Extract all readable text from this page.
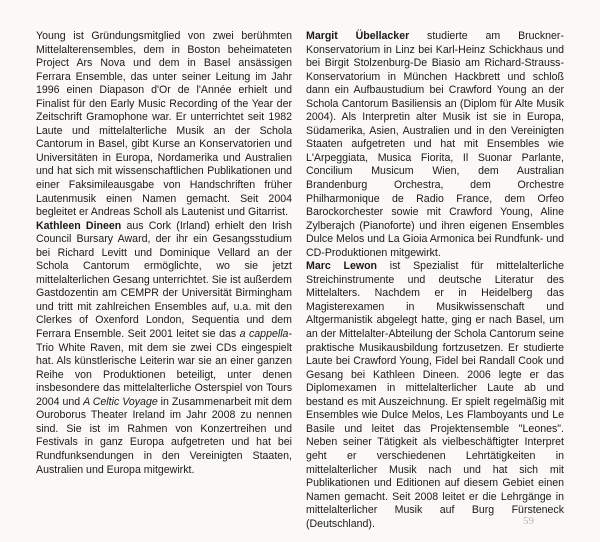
Young ist Gründungsmitglied von zwei berühmten Mittelalterensembles, dem in Boston beheimateten Project Ars Nova und dem in Basel ansässigen Ferrara Ensemble, das unter seiner Leitung im Jahr 1996 einen Diapason d'Or de l'Année erhielt und Finalist für den Early Music Recording of the Year der Zeitschrift Gramophone war. Er unterrichtet seit 1982 Laute und mittelalterliche Musik an der Schola Cantorum in Basel, gibt Kurse an Konservatorien und Universitäten in Europa, Nordamerika und Australien und hat sich mit wissenschaftlichen Publikationen und einer Faksimileausgabe von Handschriften früher Lautenmusik einen Namen gemacht. Seit 2004 begleitet er Andreas Scholl als Lautenist und Gitarrist.

Kathleen Dineen aus Cork (Irland) erhielt den Irish Council Bursary Award, der ihr ein Gesangsstudium bei Richard Levitt und Dominique Vellard an der Schola Cantorum ermöglichte, wo sie jetzt mittelalterlichen Gesang unterrichtet. Sie ist außerdem Gastdozentin am CEMPR der Universität Birmingham und tritt mit zahlreichen Ensembles auf, u.a. mit den Clerkes of Oxenford London, Sequentia und dem Ferrara Ensemble. Seit 2001 leitet sie das a cappella-Trio White Raven, mit dem sie zwei CDs eingespielt hat. Als künstlerische Leiterin war sie an einer ganzen Reihe von Produktionen beteiligt, unter denen insbesondere das mittelalterliche Osterspiel von Tours 2004 und A Celtic Voyage in Zusammenarbeit mit dem Ouroborus Theater Ireland im Jahr 2008 zu nennen sind. Sie ist im Rahmen von Konzertreihen und Festivals in ganz Europa aufgetreten und hat bei Rundfunksendungen in den Vereinigten Staaten, Australien und Europa mitgewirkt.

Margit Übellacker studierte am Bruckner-Konservatorium in Linz bei Karl-Heinz Schickhaus und bei Birgit Stolzenburg-De Biasio am Richard-Strauss-Konservatorium in München Hackbrett und schloß dann ein Aufbaustudium bei Crawford Young an der Schola Cantorum Basiliensis an (Diplom für Alte Musik 2004). Als Interpretin alter Musik ist sie in Europa, Südamerika, Asien, Australien und in den Vereinigten Staaten aufgetreten und hat mit Ensembles wie L'Arpeggiata, Musica Fiorita, Il Suonar Parlante, Concilium Musicum Wien, dem Australian Brandenburg Orchestra, dem Orchestre Philharmonique de Radio France, dem Orfeo Barockorchester sowie mit Crawford Young, Aline Zylberajch (Pianoforte) und ihren eigenen Ensembles Dulce Melos und La Gioia Armonica bei Rundfunk- und CD-Produktionen mitgewirkt.

Marc Lewon ist Spezialist für mittelalterliche Streichinstrumente und deutsche Literatur des Mittelalters. Nachdem er in Heidelberg das Magisterexamen in Musikwissenschaft und Altgermanistik abgelegt hatte, ging er nach Basel, um an der Mittelalter-Abteilung der Schola Cantorum seine praktische Musikausbildung fortzusetzen. Er studierte Laute bei Crawford Young, Fidel bei Randall Cook und Gesang bei Kathleen Dineen. 2006 legte er das Diplomexamen in mittelalterlicher Laute ab und bestand es mit Auszeichnung. Er spielt regelmäßig mit Ensembles wie Dulce Melos, Les Flamboyants und Le Basile und leitet das Projektensemble "Leones". Neben seiner Tätigkeit als vielbeschäftigter Interpret geht er verschiedenen Lehrtätigkeiten in mittelalterlicher Musik nach und hat sich mit Publikationen und Editionen auf diesem Gebiet einen Namen gemacht. Seit 2008 leitet er die Lehrgänge in mittelalterlicher Musik auf Burg Fürsteneck (Deutschland).	59
